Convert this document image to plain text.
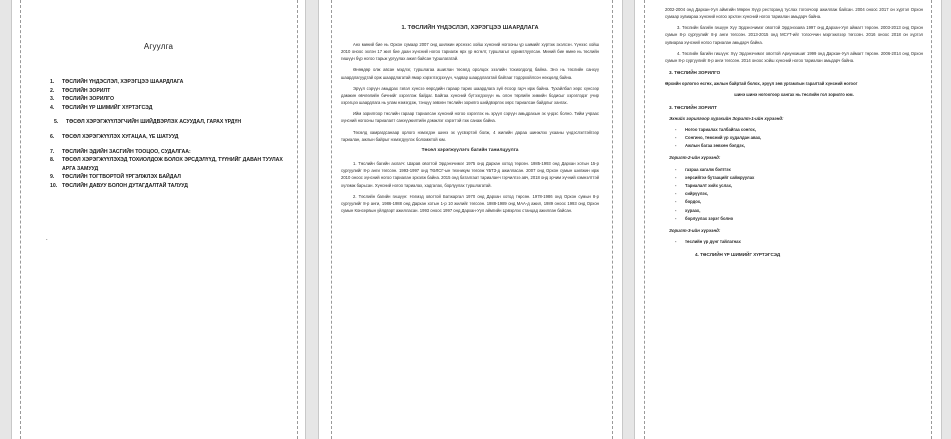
Агуулга
1.	ТӨСЛИЙН ҮНДЭСЛЭЛ, ХЭРЭГЦЭЭ ШААРДЛАГА
2.	ТӨСЛИЙН ЗОРИЛТ
3.	ТӨСЛИЙН ЗОРИЛГО
4.	ТӨСЛИЙН ҮР ШИМИЙГ ХҮРТЭГСЭД
5.	ТӨСӨЛ ХЭРЭГЖҮҮЛЭГЧИЙН ШИЙДВЭРЛЭХ АСУУДАЛ, ГАРАХ ҮРДҮН
6.	ТӨСӨЛ ХЭРЭГЖҮҮЛЭХ ХУГАЦАА, ҮЕ ШАТУУД
7.	ТӨСЛИЙН ЭДИЙН ЗАСГИЙН ТООЦОО, СУДАЛГАА:
8.	ТӨСӨЛ ХЭРЭГЖҮҮЛЭХЭД ТОХИОЛДОЖ БОЛОХ ЭРСДЭЛҮҮД, ТҮҮНИЙГ ДАВАН ТУУЛАХ АРГА ЗАМУУД
9.	ТӨСЛИЙН ТОГТВОРТОЙ ҮРГЭЛЖЛЭХ БАЙДАЛ
10. ТӨСЛИЙН ДАВУУ БОЛОН ДУТАГДАЛТАЙ ТАЛУУД
.
1. ТӨСЛИЙН ҮНДЭСЛЭЛ, ХЭРЭГЦЭЭ ШААРДЛАГА

Анх миний бие нь Орхон сумаар 2007 онд шилжин ирснээс хойш хүнсний ногооны үр шимийг хүртэж эхэлсэн. Үүнээс хойш 2010 оноос эхлэн 17 жил бие даан хүнсний ногоо тариалж өрх үр өсгөлт, туршлагыг хуримтлуулсан. Миний бие өмнө нь төслийн гишүүн бүр ногоо тарьж ургуулах ажил байсан туршлагатай.

Өнөөдөр олж авсан мэдлэг, туршлагаа ашиглан төсөлд оролцох зээлийн тохиолдолд байна. Энэ нь төслийн санхүү шаардлагуудтай орж шаардлагатай ямар хэрэглэгдэхүүн, чадвар шаардлагатай байгааг тодорхойлсон нөхцөлд байна.

Эрүүл сэрүүн амьдрах гэвэл хүнсээ өөрсдийн гараар тарих шаардлага зүй ёсоор гарч ирж байна. Тухайлбал хөрс хүнсээр дамжин өвчлөлийн бичнийг хэрэглэж байдаг. Байгаа хүнсний бүтээгдэхүүн нь олон төрлийн химийн бодисыг хэрэглэдэг учир хэрэгцээ шаардлага нь улам нэмэгдэж, тэнцүү зөвхөн төслийн зорилго шийдвэрлэх хөрс тариалсан байдлыг хангах.

Ийм зорилгоор төслийн гараар тариалсан хүнсний ногоо хэрэглэх нь эрүүл сэрүүн амьдрахын эх үндэс болно. Тийм учраас хүнсний ногооны тариалалт санхүүжилтийн дэмжлэг хэрэгтэй гэж санаж байна.

Төсөлд хамрагдсанаар орлого нэмэгдэн шинэ эх үүсвэртэй болж, 4 жилийн дараа шинжлэх ухааны үндэслэлтэйгээр тариалан, ажлын байрыг нэмэгдүүлэх боломжтой юм.

Төсөл хэрэгжүүлэгч багийн танилцуулга

1. Төслийн багийн ахлагч: Шарав овогтой Эрдэнэчимэг 1975 онд Дархан хотод төрсөн. 1985-1993 онд Дархан хотын 15-р сургуулийг 8-р анги төгссөн. 1993-1997 онд ТӨЛСГ-ын техникум төгсөж ҮБТЗ-д ажилласан. 2007 онд Орхон сумын шилжин ирж 2010 оноос хүнсний ногоо тариалан эрхэлж байна. 2015 онд баталгаат тариаланч гэрчилгээ авч, 2018 онд эрчим хүчний хэмнэлттэй хүлэмж барьсан. Хүнсний ногоо тариалах, хадгалах, борлуулах туршлагатай.

2. Төслийн багийн гишүүн: Нэгмэд овогтой Батжаргал 1970 онд Дархан хотод төрсөн. 1978-1986 онд Орхон сумын 8-р сургуулийг 8-р анги, 1986-1988 онд Дархан хотын 1-р 10 жилийг төгссөн. 1988-1989 онд МАА-д ажил, 1989 оноос 1993 онд Орхон сумын Консервын үйлдвэрт ажилласан. 1993 оноос 1997 онд Дархан-Уул аймгийн Цэвэрлэх станцад ажиллан байсан.

2002-2004 онд Дархан-Уул аймгийн Мөрөн Хүүр ресторанд туслах тогоочоор ажиллаж байсан. 2004 оноос 2017 он хүртэл Орхон сумаар хувиараа хүнсний ногоо эрхлэн хүнсний ногоо тариалан амьдарч байна.

3. Төслийн багийн гишүүн Хүү Эрдэнэчимэг овогтой Эрдэнэзаяа 1997 онд Дархан-Уул аймагт төрсөн. 2003-2013 онд Орхон сумын 8-р сургуулийг 8-р анги төгссөн. 2013-2015 онд МСҮТ-ийг тогооччин мэргэжлээр төгссөн. 2016 оноос 2018 он хүртэл хувиараа хүнсний ногоо тариалан амьдарч байна.

4. Төслийн багийн гишүүн: Хүү Эрдэнэчимэг овогтой Ариунхишиг 1999 онд Дархан-Уул аймагт төрсөн. 2006-2014 онд Орхон сумын 8-р сургуулийг 8-р анги төгссөн. 2014 оноос хойш хүнсний ногоо тариалан амьдарч байна.

3. ТӨСЛИЙН ЗОРИЛГО

Өрхийн орлогоо өсгөх, ажлын байртай болох, эрүүл зөв ургамлын гаралтай хүнсний ногоог

шинэ шинэ ногоогоор хангах нь төслийн гол зорилго юм.

3. ТӨСЛИЙН ЗОРИЛТ
Эхнийх зорилгоор хүрэхийн Зорилт-1-ийн хүрээнд:
-	Ногоо тариалах талбайгаа сонгох,
-	Сонгино, төмсний үр худалдан авах,
-	Ажлын багаа зөвхөн бэлдэх,
Зорилт-2-ийн хүрээнд:
-	газраа хагалж бэлтгэх
-	хөрсийгээ бутаацийг сайжруулах
-	Тариалалт хийх услах,
-	сийрүүлэх,
-	бордох,
-	хураах,
-	борлуулах зэрэг болно
Зорилт-3-ийн хүрээнд:
-	төслийн үр дүнг тайлагнах
4. ТӨСЛИЙН ҮР ШИМИЙГ ХҮРТЭГСЭД
